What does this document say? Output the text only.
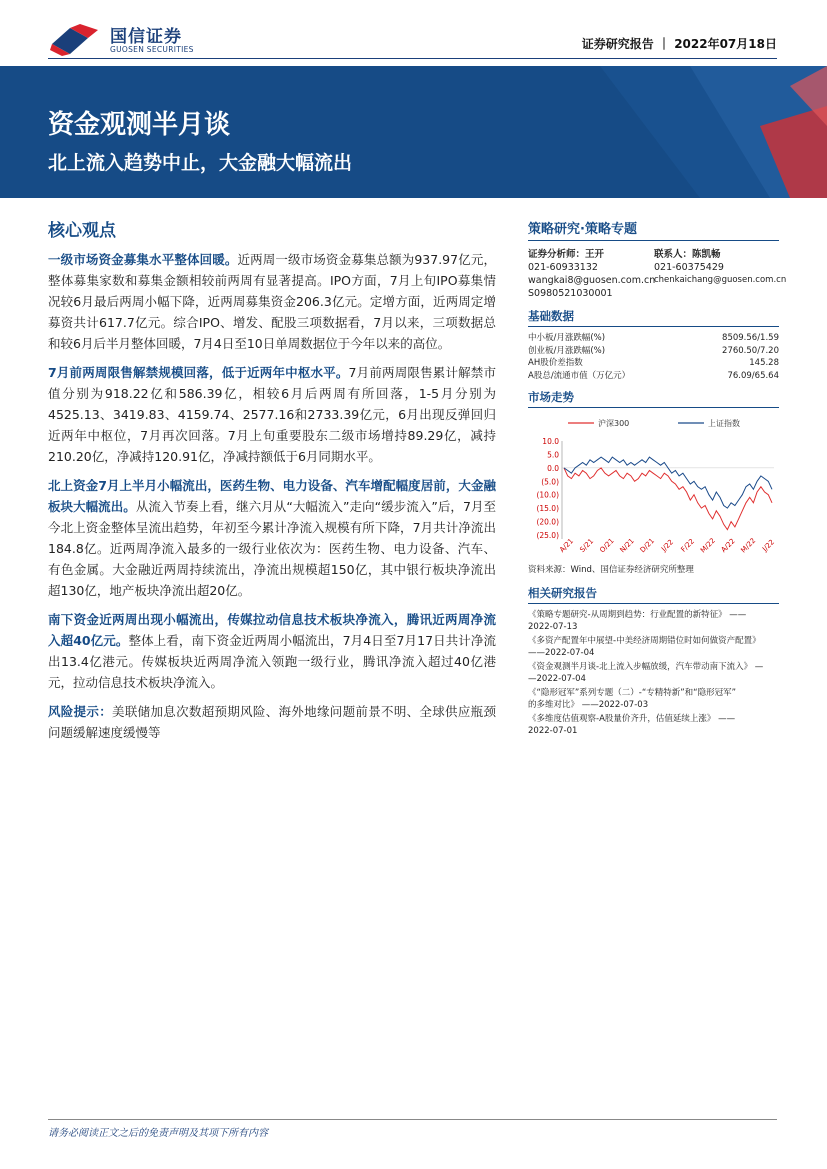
国信证券
GUOSEN SECURITIES	证券研究报告 ｜ 2022年07月18日
资金观测半月谈
北上流入趋势中止，大金融大幅流出
核心观点

一级市场资金募集水平整体回暖。近两周一级市场资金募集总额为937.97亿元，整体募集家数和募集金额相较前两周有显著提高。IPO方面，7月上旬IPO募集情况较6月最后两周小幅下降，近两周募集资金206.3亿元。定增方面，近两周定增募资共计617.7亿元。综合IPO、增发、配股三项数据看，7月以来，三项数据总和较6月后半月整体回暖，7月4日至10日单周数据位于今年以来的高位。

7月前两周限售解禁规模回落，低于近两年中枢水平。7月前两周限售累计解禁市值分别为918.22亿和586.39亿，相较6月后两周有所回落，1-5月分别为4525.13、3419.83、4159.74、2577.16和2733.39亿元，6月出现反弹回归近两年中枢位，7月再次回落。7月上旬重要股东二级市场增持89.29亿，减持210.20亿，净减持120.91亿，净减持额低于6月同期水平。

北上资金7月上半月小幅流出，医药生物、电力设备、汽车增配幅度居前，大金融板块大幅流出。从流入节奏上看，继六月从“大幅流入”走向“缓步流入”后，7月至今北上资金整体呈流出趋势，年初至今累计净流入规模有所下降，7月共计净流出184.8亿。近两周净流入最多的一级行业依次为：医药生物、电力设备、汽车、有色金属。大金融近两周持续流出，净流出规模超150亿，其中银行板块净流出超130亿，地产板块净流出超20亿。

南下资金近两周出现小幅流出，传媒拉动信息技术板块净流入，腾讯近两周净流入超40亿元。整体上看，南下资金近两周小幅流出，7月4日至7月17日共计净流出13.4亿港元。传媒板块近两周净流入领跑一级行业，腾讯净流入超过40亿港元，拉动信息技术板块净流入。

风险提示：美联储加息次数超预期风险、海外地缘问题前景不明、全球供应瓶颈问题缓解速度缓慢等

策略研究·策略专题
证券分析师：王开
021-60933132
wangkai8@guosen.com.cn
S0980521030001
联系人：陈凯畅
021-60375429
chenkaichang@guosen.com.cn
基础数据
中小板/月涨跌幅(%)	8509.56/1.59
创业板/月涨跌幅(%)	2760.50/7.20
AH股价差指数	145.28
A股总/流通市值（万亿元）	76.09/65.64
市场走势
沪深300	上证指数
10.0
5.0
0.0
(5.0)
(10.0)
(15.0)
(20.0)
(25.0)
A/21 S/21 O/21 N/21 D/21 J/22 F/22 M/22 A/22 M/22 J/22
资料来源：Wind、国信证券经济研究所整理
相关研究报告
《策略专题研究-从周期到趋势：行业配置的新特征》 ——
2022-07-13
《多资产配置年中展望-中美经济周期错位时如何做资产配置》
——2022-07-04
《资金观测半月谈-北上流入步幅放缓，汽车带动南下流入》 —
—2022-07-04
《“隐形冠军”系列专题（二）-“专精特新”和“隐形冠军”
的多维对比》 ——2022-07-03
《多维度估值观察-A股量价齐升，估值延续上涨》 ——
2022-07-01
请务必阅读正文之后的免责声明及其项下所有内容
